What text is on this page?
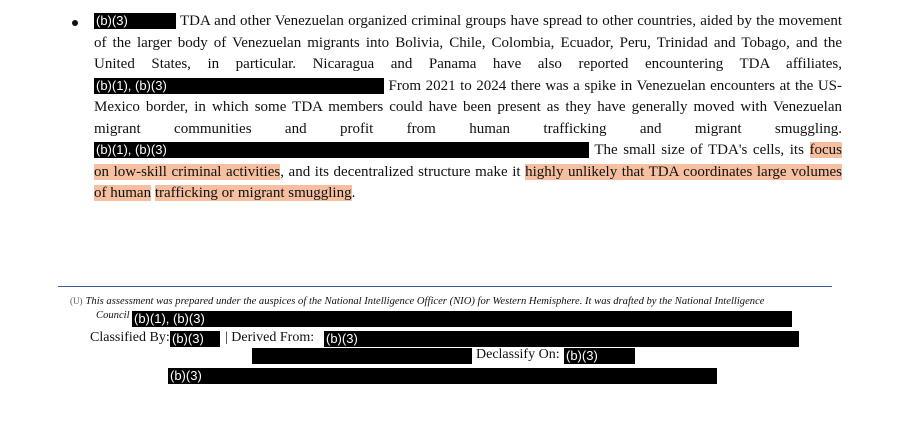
(b)(3)	TDA and other Venezuelan organized criminal groups have spread to other countries, aided by the movement of the larger body of Venezuelan migrants into Bolivia, Chile, Colombia, Ecuador, Peru, Trinidad and Tobago, and the United States, in particular. Nicaragua and Panama have also reported encountering TDA affiliates, (b)(1), (b)(3)	From 2021 to 2024 there was a spike in Venezuelan encounters at the US-Mexico border, in which some TDA members could have been present as they have generally moved with Venezuelan migrant communities and profit from human trafficking and migrant smuggling. (b)(1), (b)(3)	The small size of TDA's cells, its focus on low-skill criminal activities, and its decentralized structure make it highly unlikely that TDA coordinates large volumes of human trafficking or migrant smuggling.

(U) This assessment was prepared under the auspices of the National Intelligence Officer (NIO) for Western Hemisphere. It was drafted by the National Intelligence
Council (b)(1), (b)(3)
Classified By: (b)(3)	| Derived From: (b)(3)
Declassify On: (b)(3)
(b)(3)
